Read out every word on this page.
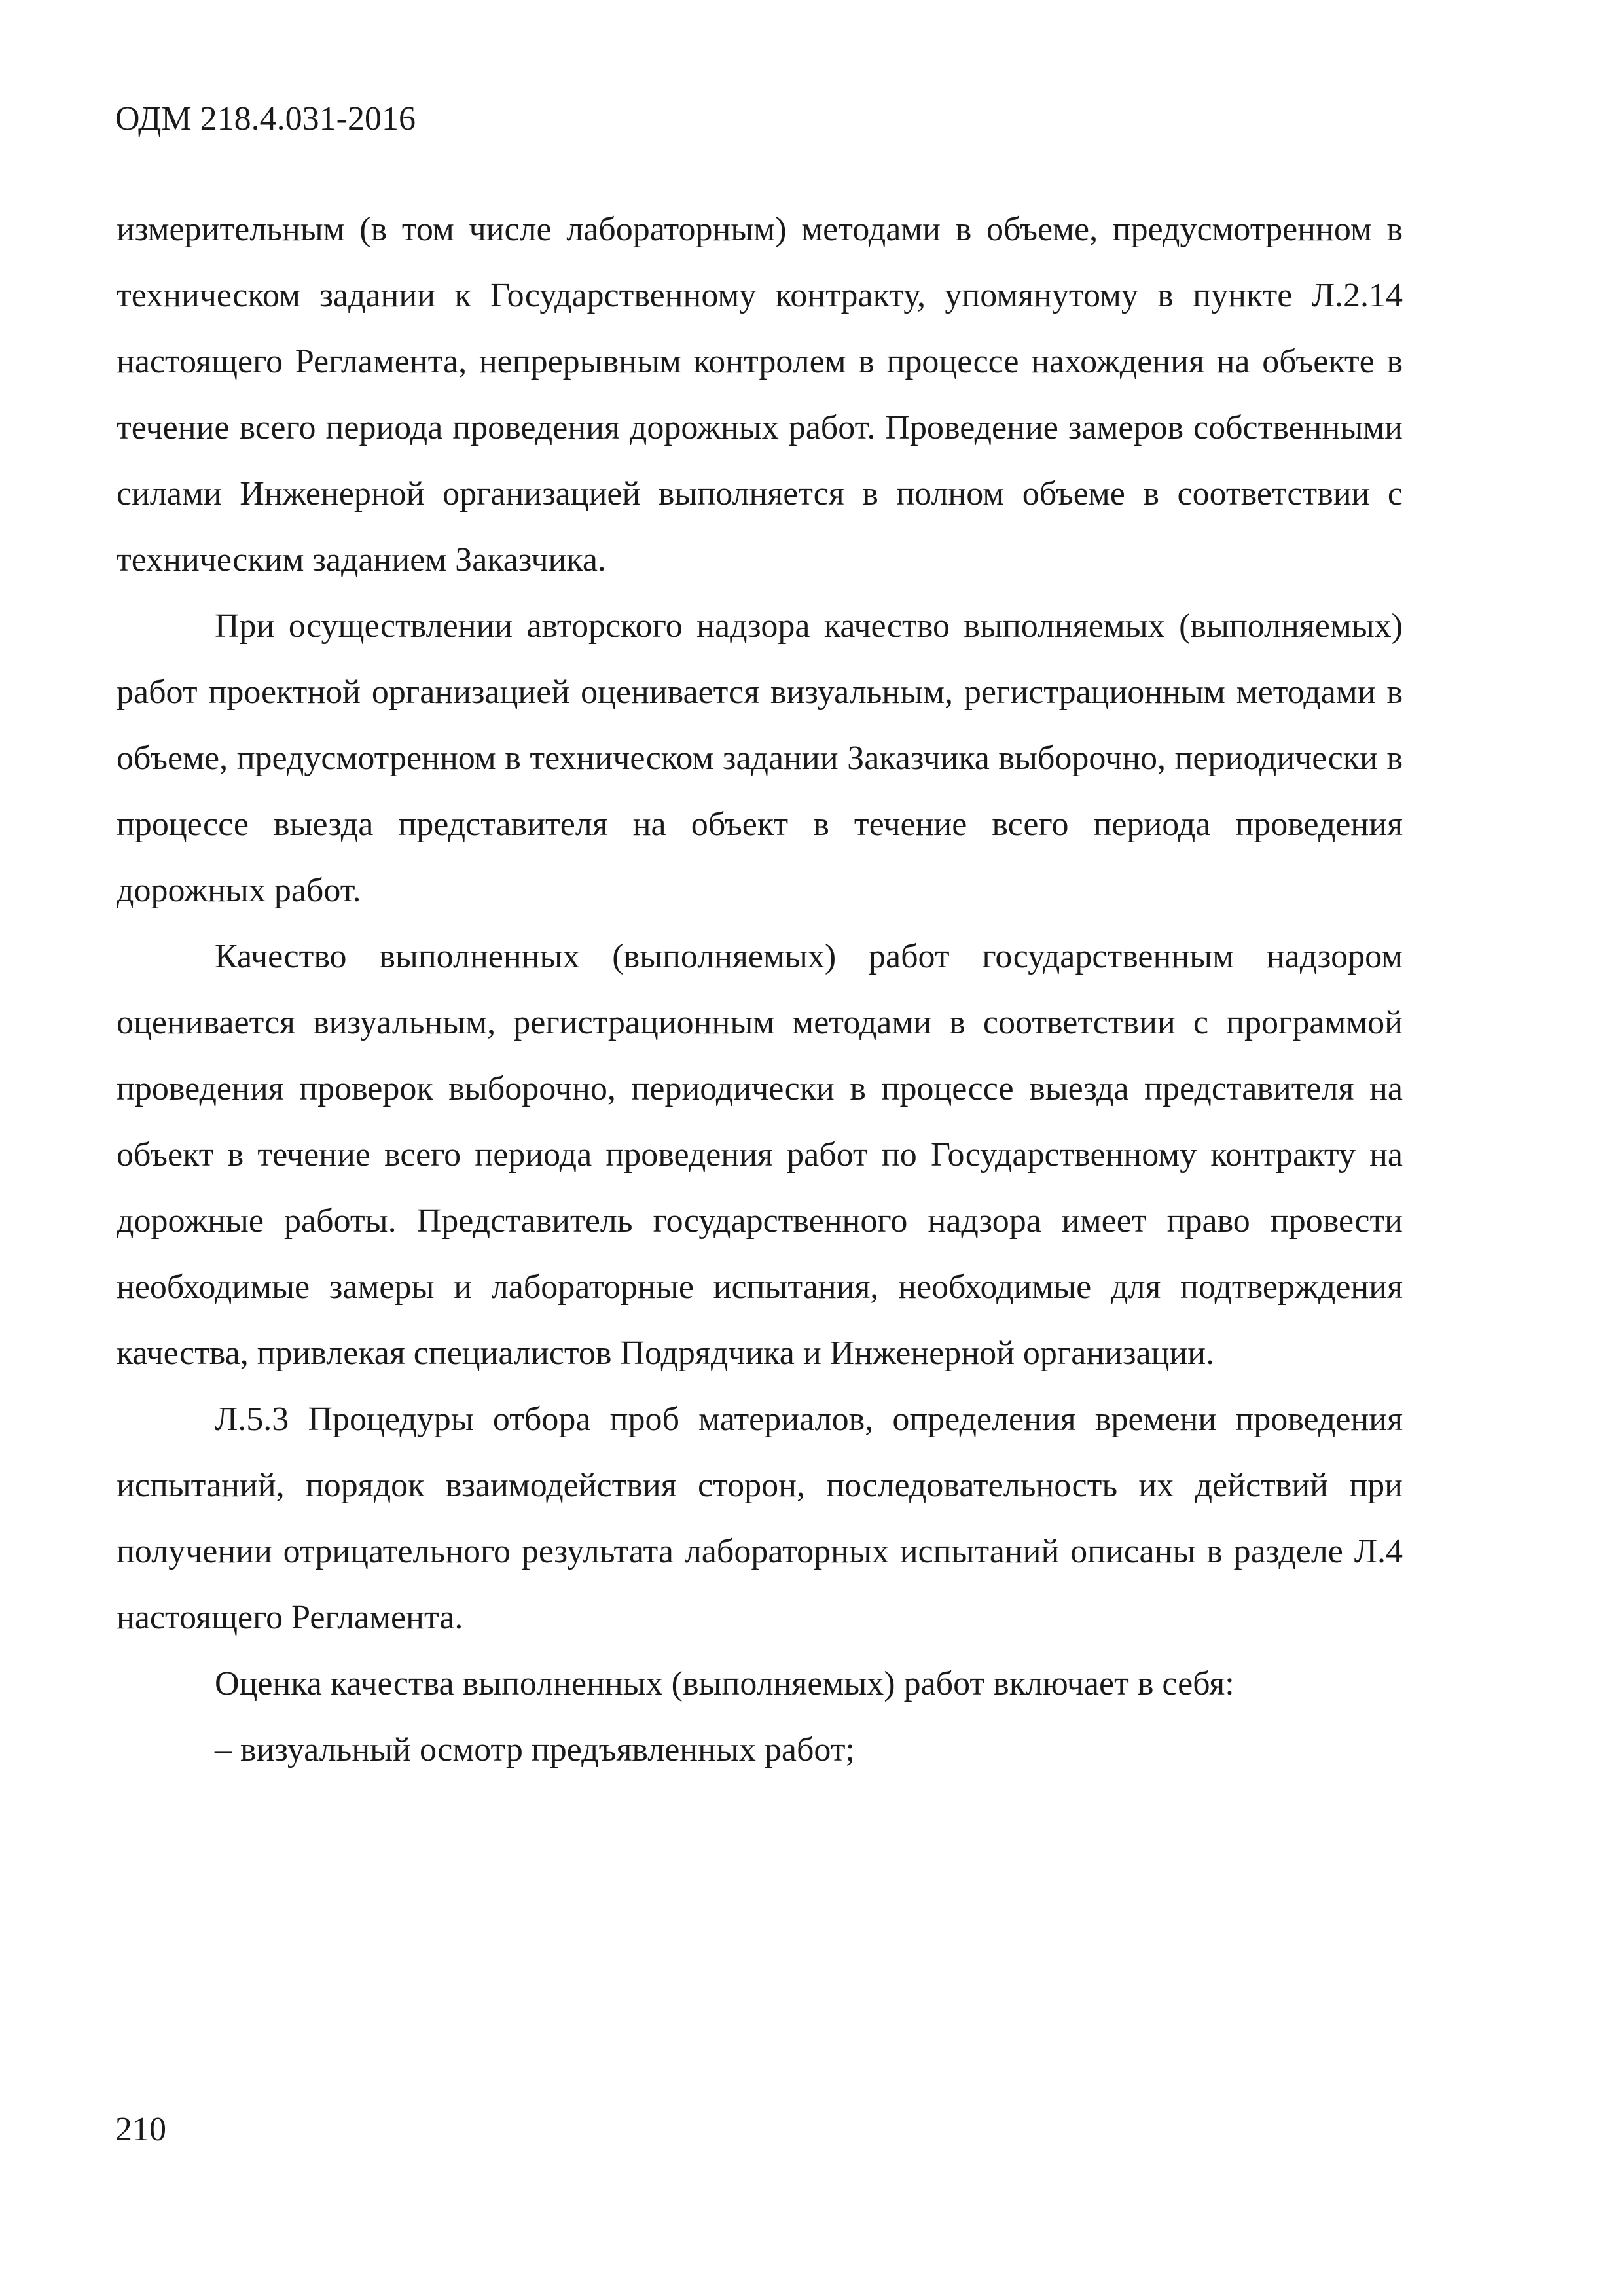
ОДМ 218.4.031-2016

измерительным (в том числе лабораторным) методами в объеме, предусмотренном в техническом задании к Государственному контракту, упомянутому в пункте Л.2.14 настоящего Регламента, непрерывным контролем в процессе нахождения на объекте в течение всего периода проведения дорожных работ. Проведение замеров собственными силами Инженерной организацией выполняется в полном объеме в соответствии с техническим заданием Заказчика.

При осуществлении авторского надзора качество выполняемых (выполняемых) работ проектной организацией оценивается визуальным, регистрационным методами в объеме, предусмотренном в техническом задании Заказчика выборочно, периодически в процессе выезда представителя на объект в течение всего периода проведения дорожных работ.

Качество выполненных (выполняемых) работ государственным надзором оценивается визуальным, регистрационным методами в соответствии с программой проведения проверок выборочно, периодически в процессе выезда представителя на объект в течение всего периода проведения работ по Государственному контракту на дорожные работы. Представитель государственного надзора имеет право провести необходимые замеры и лабораторные испытания, необходимые для подтверждения качества, привлекая специалистов Подрядчика и Инженерной организации.

Л.5.3 Процедуры отбора проб материалов, определения времени проведения испытаний, порядок взаимодействия сторон, последовательность их действий при получении отрицательного результата лабораторных испытаний описаны в разделе Л.4 настоящего Регламента.

Оценка качества выполненных (выполняемых) работ включает в себя:

– визуальный осмотр предъявленных работ;

210
